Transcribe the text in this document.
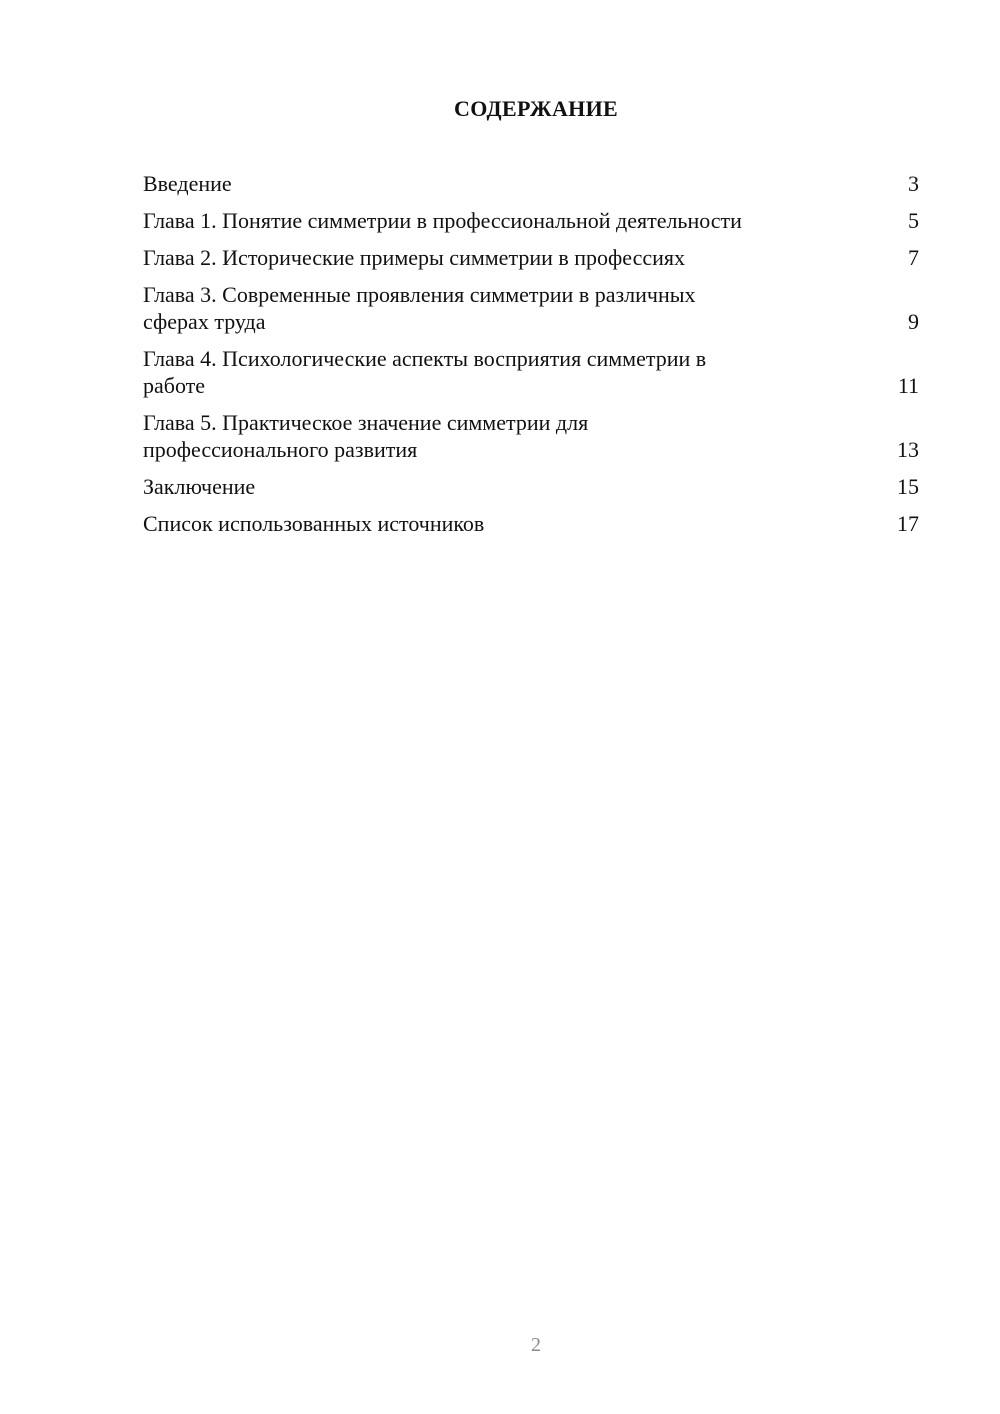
СОДЕРЖАНИЕ
Введение	3
Глава 1. Понятие симметрии в профессиональной деятельности	5
Глава 2. Исторические примеры симметрии в профессиях	7
Глава 3. Современные проявления симметрии в различных
сферах труда	9
Глава 4. Психологические аспекты восприятия симметрии в
работе	11
Глава 5. Практическое значение симметрии для
профессионального развития	13
Заключение	15
Список использованных источников	17
2
